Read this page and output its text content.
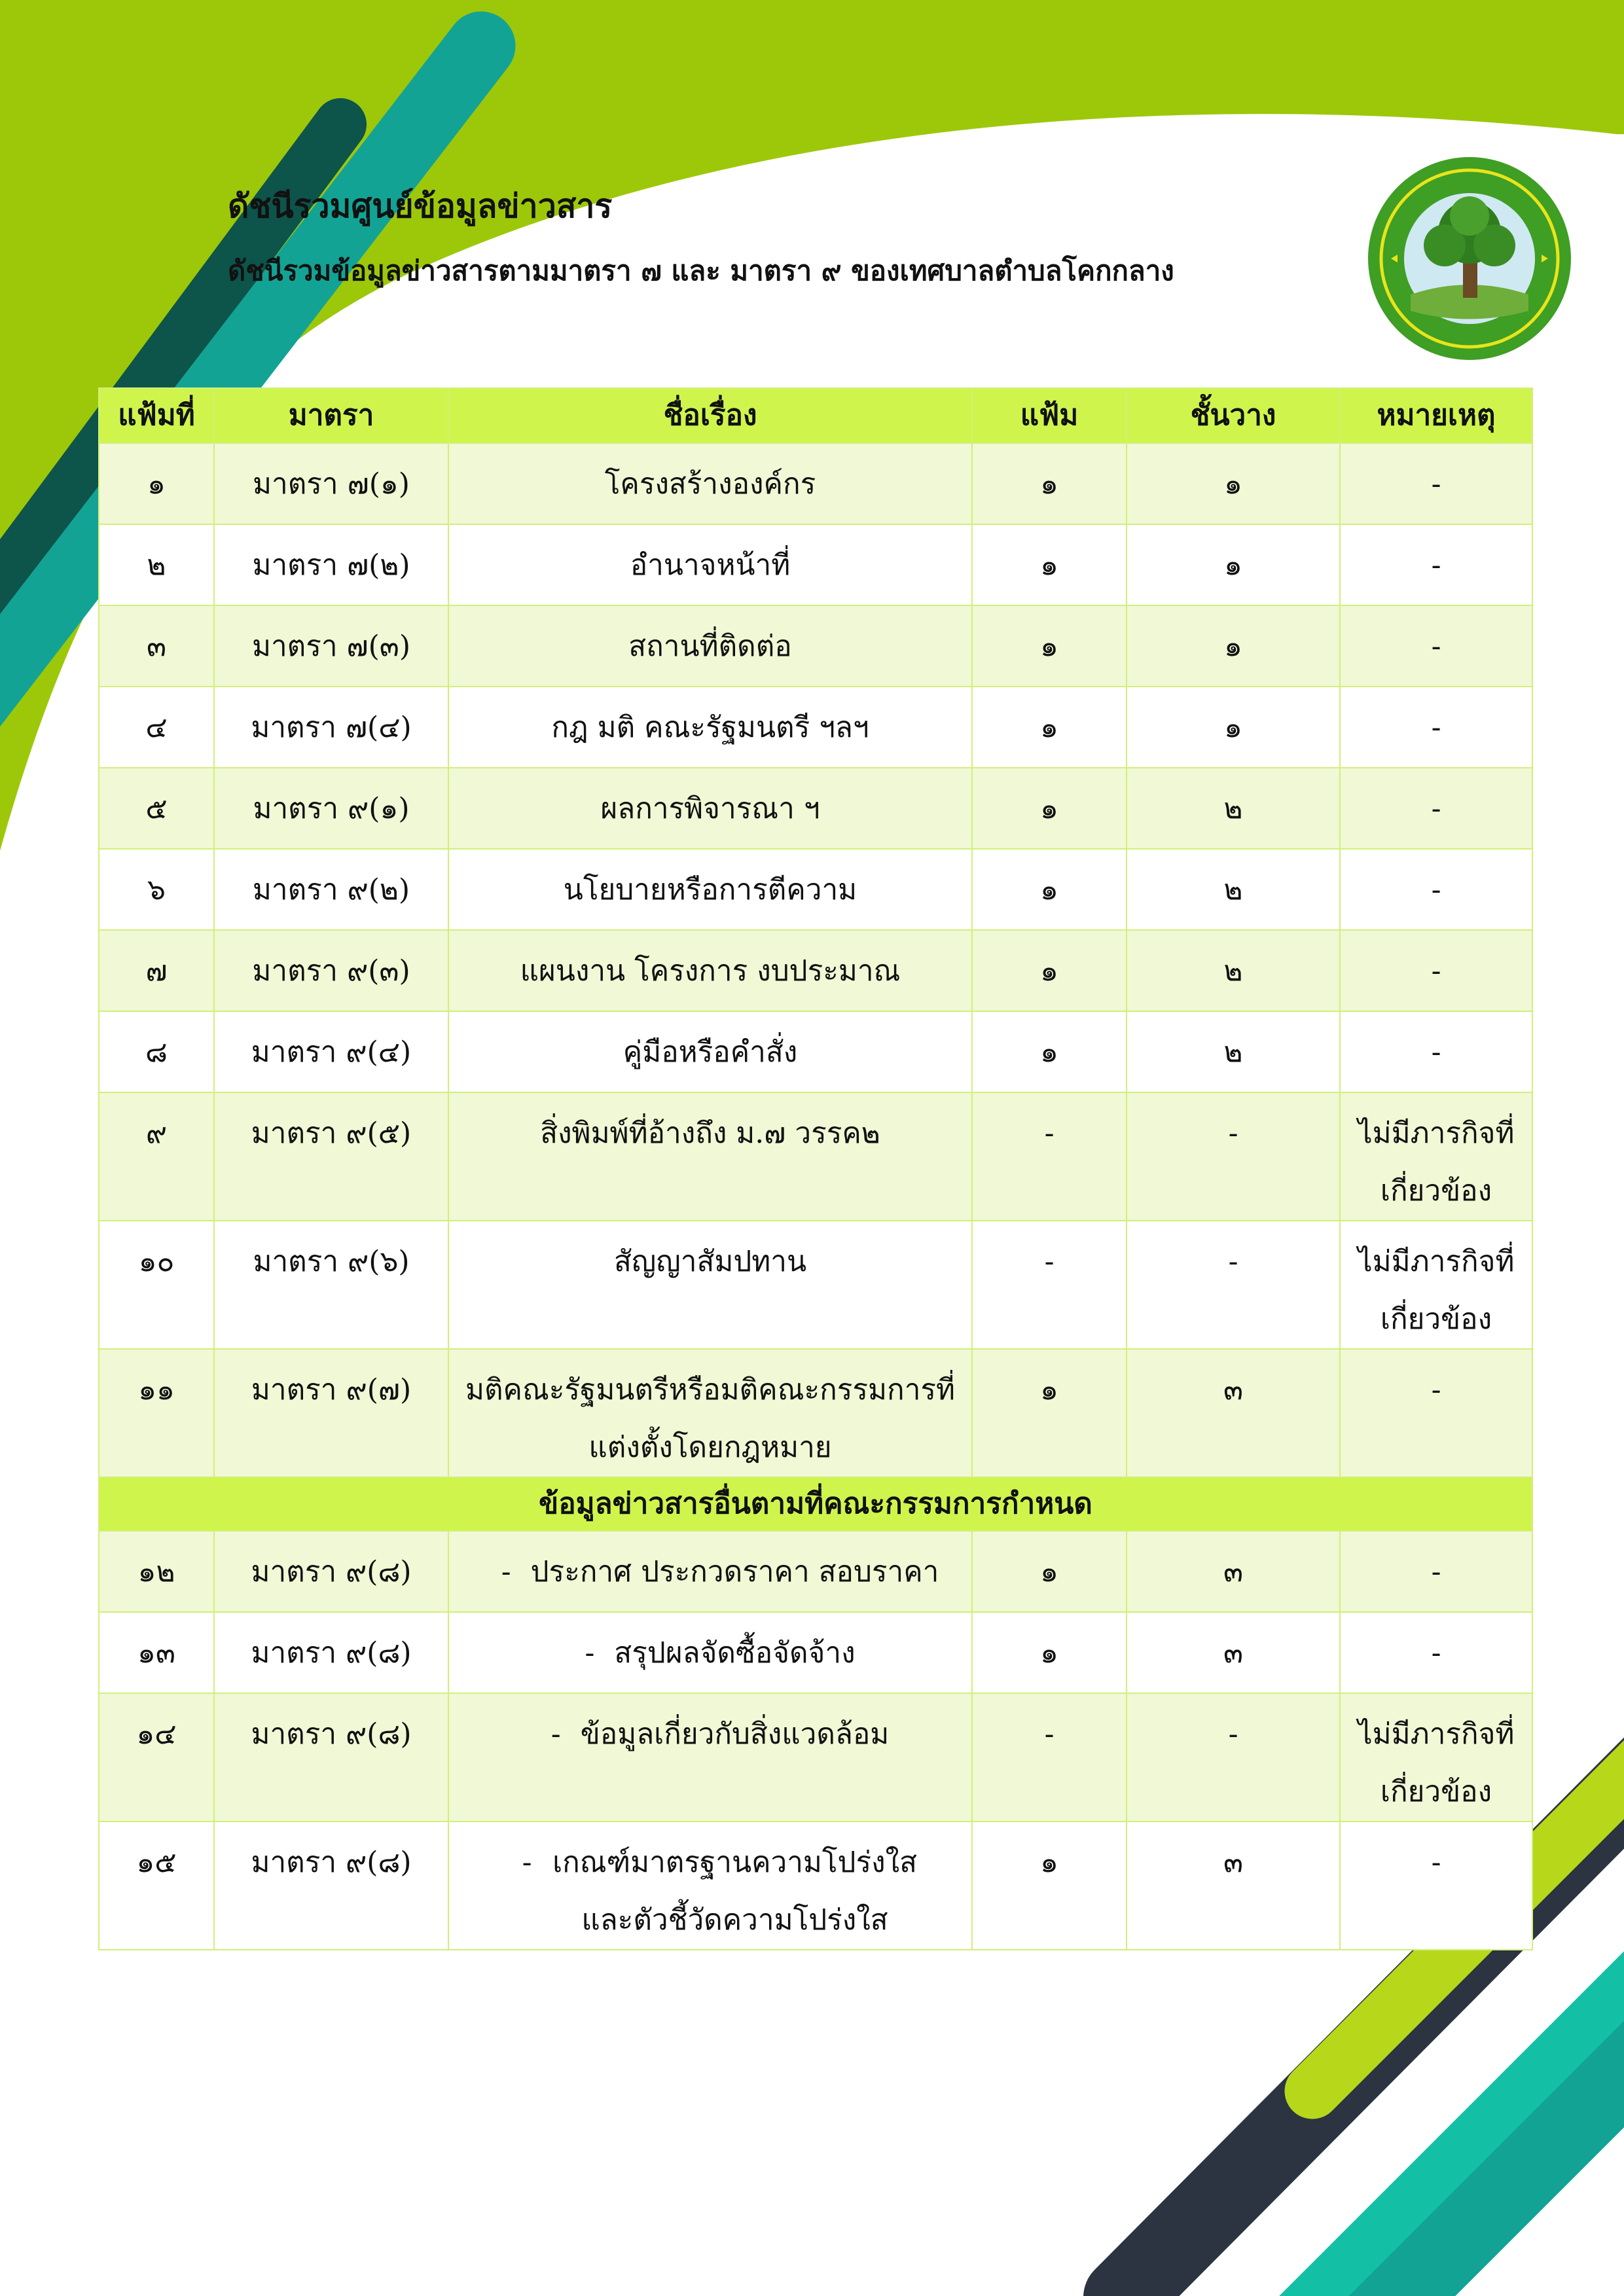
ดัชนีรวมศูนย์ข้อมูลข่าวสาร

ดัชนีรวมข้อมูลข่าวสารตามมาตรา ๗ และ มาตรา ๙ ของเทศบาลตำบลโคกกลาง

แฟ้มที่	มาตรา	ชื่อเรื่อง	แฟ้ม	ชั้นวาง	หมายเหตุ
๑	มาตรา ๗(๑)	โครงสร้างองค์กร	๑	๑	-
๒	มาตรา ๗(๒)	อำนาจหน้าที่	๑	๑	-
๓	มาตรา ๗(๓)	สถานที่ติดต่อ	๑	๑	-
๔	มาตรา ๗(๔)	กฎ มติ คณะรัฐมนตรี ฯลฯ	๑	๑	-
๕	มาตรา ๙(๑)	ผลการพิจารณา ฯ	๑	๒	-
๖	มาตรา ๙(๒)	นโยบายหรือการตีความ	๑	๒	-
๗	มาตรา ๙(๓)	แผนงาน โครงการ งบประมาณ	๑	๒	-
๘	มาตรา ๙(๔)	คู่มือหรือคำสั่ง	๑	๒	-
๙	มาตรา ๙(๕)	สิ่งพิมพ์ที่อ้างถึง ม.๗ วรรค๒	-	-	ไม่มีภารกิจที่เกี่ยวข้อง
๑๐	มาตรา ๙(๖)	สัญญาสัมปทาน	-	-	ไม่มีภารกิจที่เกี่ยวข้อง
๑๑	มาตรา ๙(๗)	มติคณะรัฐมนตรีหรือมติคณะกรรมการที่แต่งตั้งโดยกฎหมาย	๑	๓	-
ข้อมูลข่าวสารอื่นตามที่คณะกรรมการกำหนด					
๑๒	มาตรา ๙(๘)	- ประกาศ ประกวดราคา สอบราคา	๑	๓	-
๑๓	มาตรา ๙(๘)	- สรุปผลจัดซื้อจัดจ้าง	๑	๓	-
๑๔	มาตรา ๙(๘)	- ข้อมูลเกี่ยวกับสิ่งแวดล้อม	-	-	ไม่มีภารกิจที่เกี่ยวข้อง
๑๕	มาตรา ๙(๘)	- เกณฑ์มาตรฐานความโปร่งใสและตัวชี้วัดความโปร่งใส	๑	๓	-
